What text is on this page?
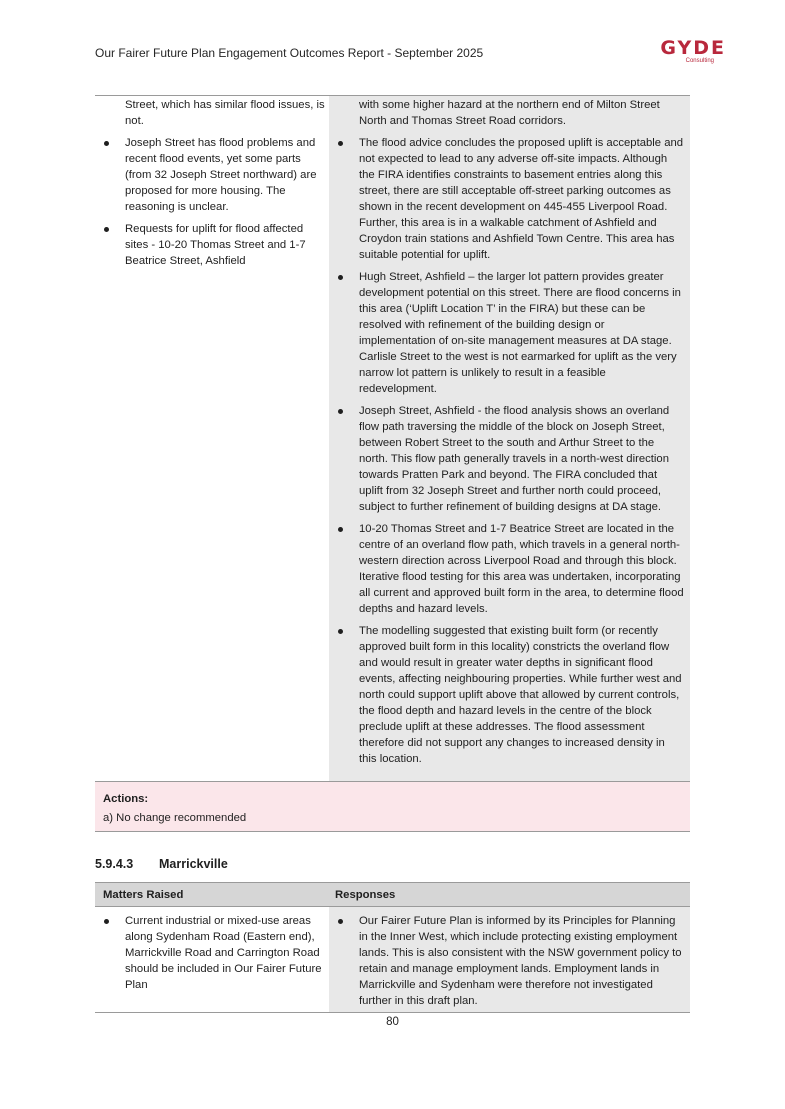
Our Fairer Future Plan Engagement Outcomes Report - September 2025	GYDE
Consulting
Street, which has similar flood issues, is not.
Joseph Street has flood problems and recent flood events, yet some parts (from 32 Joseph Street northward) are proposed for more housing. The reasoning is unclear.
Requests for uplift for flood affected sites - 10-20 Thomas Street and 1-7 Beatrice Street, Ashfield
with some higher hazard at the northern end of Milton Street North and Thomas Street Road corridors.
The flood advice concludes the proposed uplift is acceptable and not expected to lead to any adverse off-site impacts. Although the FIRA identifies constraints to basement entries along this street, there are still acceptable off-street parking outcomes as shown in the recent development on 445-455 Liverpool Road. Further, this area is in a walkable catchment of Ashfield and Croydon train stations and Ashfield Town Centre. This area has suitable potential for uplift.
Hugh Street, Ashfield – the larger lot pattern provides greater development potential on this street. There are flood concerns in this area (‘Uplift Location T’ in the FIRA) but these can be resolved with refinement of the building design or implementation of on-site management measures at DA stage. Carlisle Street to the west is not earmarked for uplift as the very narrow lot pattern is unlikely to result in a feasible redevelopment.
Joseph Street, Ashfield - the flood analysis shows an overland flow path traversing the middle of the block on Joseph Street, between Robert Street to the south and Arthur Street to the north. This flow path generally travels in a north-west direction towards Pratten Park and beyond. The FIRA concluded that uplift from 32 Joseph Street and further north could proceed, subject to further refinement of building designs at DA stage.
10-20 Thomas Street and 1-7 Beatrice Street are located in the centre of an overland flow path, which travels in a general north-western direction across Liverpool Road and through this block. Iterative flood testing for this area was undertaken, incorporating all current and approved built form in the area, to determine flood depths and hazard levels.
The modelling suggested that existing built form (or recently approved built form in this locality) constricts the overland flow and would result in greater water depths in significant flood events, affecting neighbouring properties. While further west and north could support uplift above that allowed by current controls, the flood depth and hazard levels in the centre of the block preclude uplift at these addresses. The flood assessment therefore did not support any changes to increased density in this location.
Actions:
a) No change recommended
5.9.4.3 Marrickville
Matters Raised	Responses
Current industrial or mixed-use areas along Sydenham Road (Eastern end), Marrickville Road and Carrington Road should be included in Our Fairer Future Plan
Our Fairer Future Plan is informed by its Principles for Planning in the Inner West, which include protecting existing employment lands. This is also consistent with the NSW government policy to retain and manage employment lands. Employment lands in Marrickville and Sydenham were therefore not investigated further in this draft plan.
80
